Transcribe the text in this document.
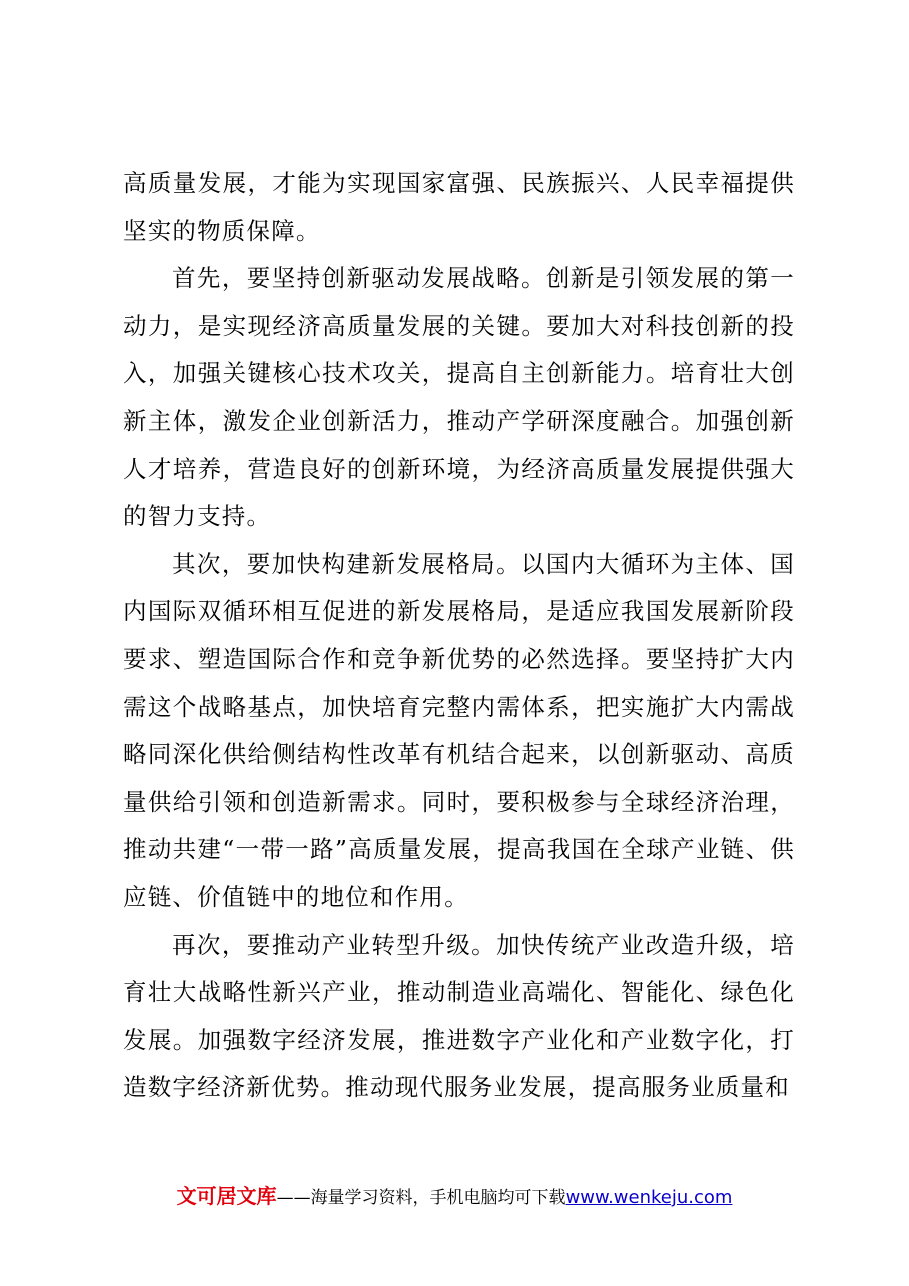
高质量发展，才能为实现国家富强、民族振兴、人民幸福提供坚实的物质保障。

首先，要坚持创新驱动发展战略。创新是引领发展的第一动力，是实现经济高质量发展的关键。要加大对科技创新的投入，加强关键核心技术攻关，提高自主创新能力。培育壮大创新主体，激发企业创新活力，推动产学研深度融合。加强创新人才培养，营造良好的创新环境，为经济高质量发展提供强大的智力支持。

其次，要加快构建新发展格局。以国内大循环为主体、国内国际双循环相互促进的新发展格局，是适应我国发展新阶段要求、塑造国际合作和竞争新优势的必然选择。要坚持扩大内需这个战略基点，加快培育完整内需体系，把实施扩大内需战略同深化供给侧结构性改革有机结合起来，以创新驱动、高质量供给引领和创造新需求。同时，要积极参与全球经济治理，推动共建“一带一路”高质量发展，提高我国在全球产业链、供应链、价值链中的地位和作用。

再次，要推动产业转型升级。加快传统产业改造升级，培育壮大战略性新兴产业，推动制造业高端化、智能化、绿色化发展。加强数字经济发展，推进数字产业化和产业数字化，打造数字经济新优势。推动现代服务业发展，提高服务业质量和

文可居文库——海量学习资料，手机电脑均可下载www.wenkeju.com
